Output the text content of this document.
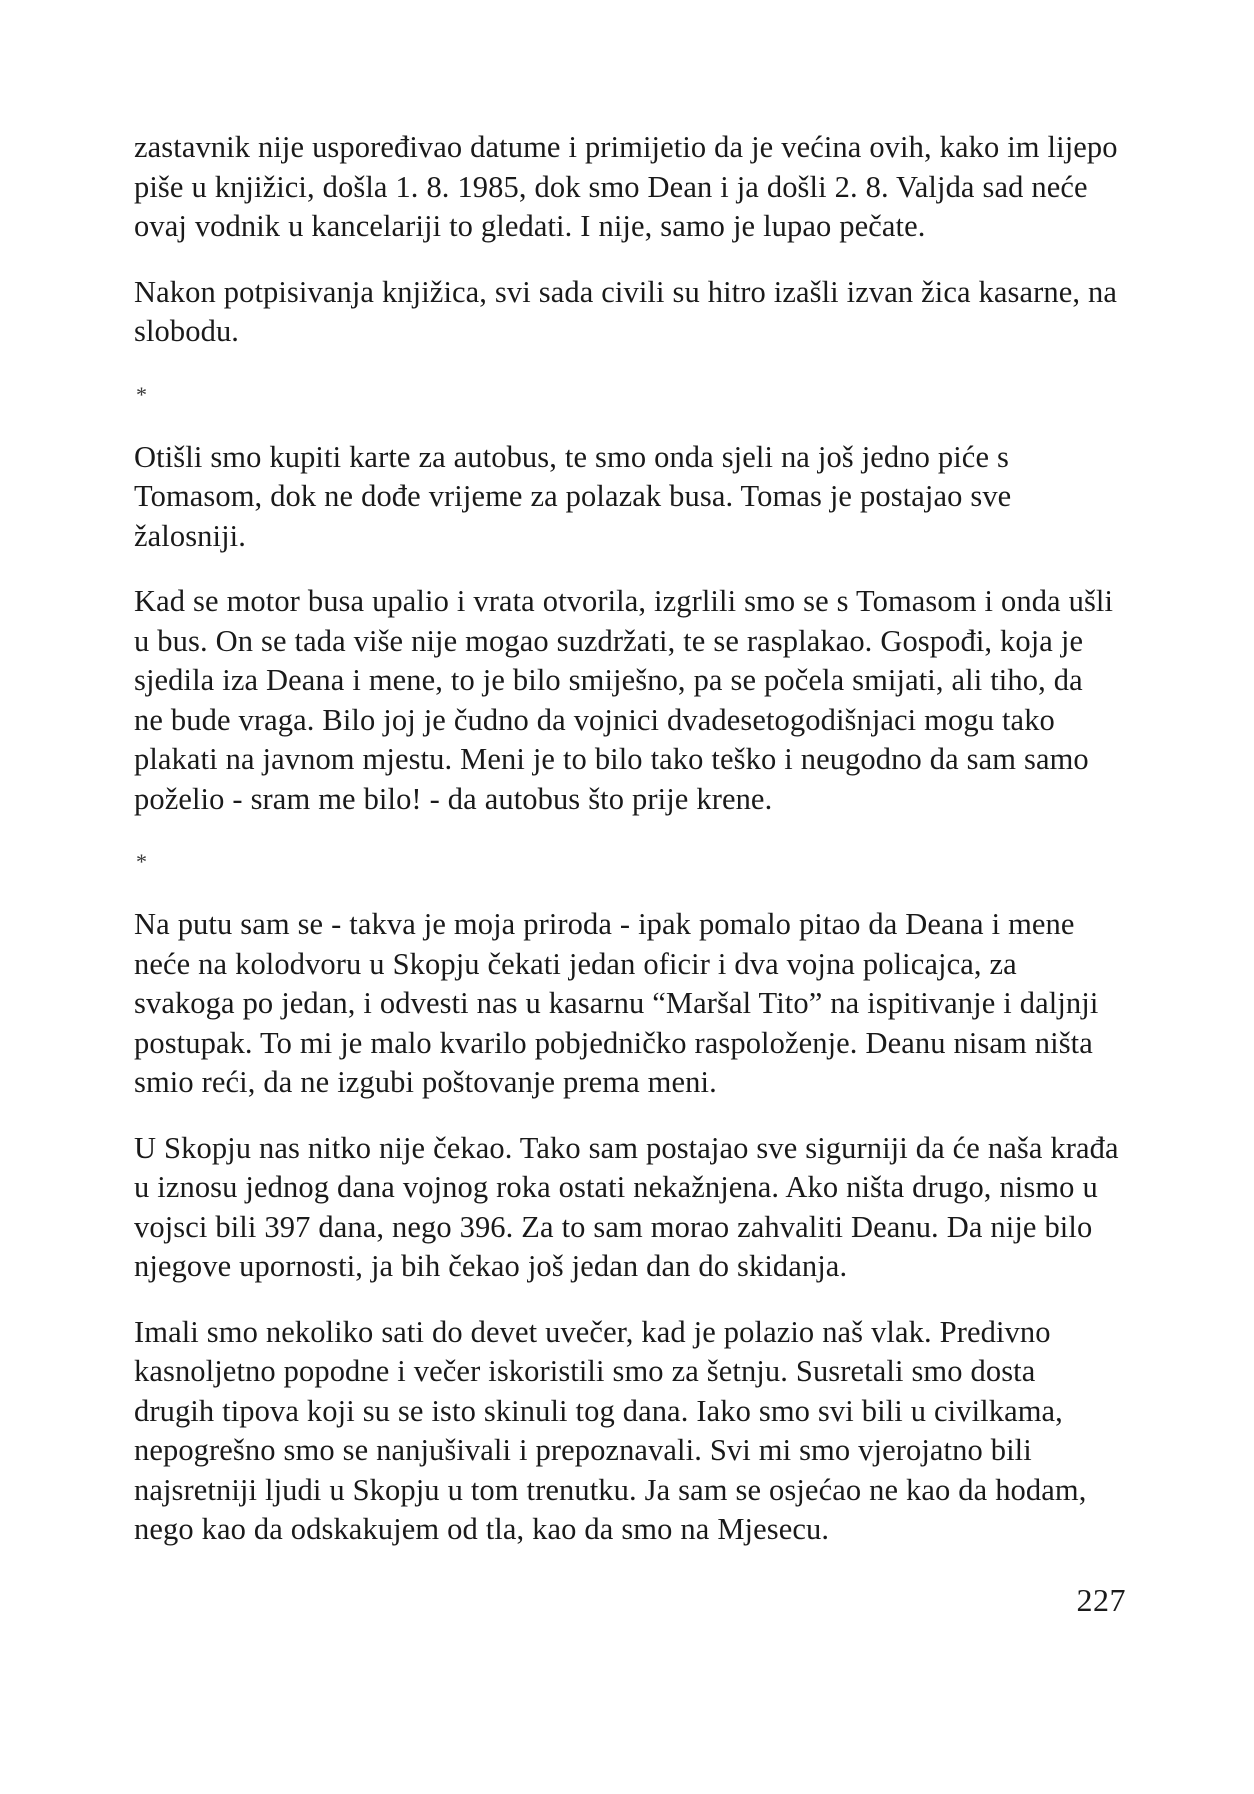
zastavnik nije uspoređivao datume i primijetio da je većina ovih, kako im lijepo piše u knjižici, došla 1. 8. 1985, dok smo Dean i ja došli 2. 8. Valjda sad neće ovaj vodnik u kancelariji to gledati. I nije, samo je lupao pečate.

Nakon potpisivanja knjižica, svi sada civili su hitro izašli izvan žica kasarne, na slobodu.

*

Otišli smo kupiti karte za autobus, te smo onda sjeli na još jedno piće s Tomasom, dok ne dođe vrijeme za polazak busa. Tomas je postajao sve žalosniji.

Kad se motor busa upalio i vrata otvorila, izgrlili smo se s Tomasom i onda ušli u bus. On se tada više nije mogao suzdržati, te se rasplakao. Gospođi, koja je sjedila iza Deana i mene, to je bilo smiješno, pa se počela smijati, ali tiho, da ne bude vraga. Bilo joj je čudno da vojnici dvadesetogodišnjaci mogu tako plakati na javnom mjestu. Meni je to bilo tako teško i neugodno da sam samo poželio - sram me bilo! - da autobus što prije krene.

*

Na putu sam se - takva je moja priroda - ipak pomalo pitao da Deana i mene neće na kolodvoru u Skopju čekati jedan oficir i dva vojna policajca, za svakoga po jedan, i odvesti nas u kasarnu “Maršal Tito” na ispitivanje i daljnji postupak. To mi je malo kvarilo pobjedničko raspoloženje. Deanu nisam ništa smio reći, da ne izgubi poštovanje prema meni.

U Skopju nas nitko nije čekao. Tako sam postajao sve sigurniji da će naša krađa u iznosu jednog dana vojnog roka ostati nekažnjena. Ako ništa drugo, nismo u vojsci bili 397 dana, nego 396. Za to sam morao zahvaliti Deanu. Da nije bilo njegove upornosti, ja bih čekao još jedan dan do skidanja.

Imali smo nekoliko sati do devet uvečer, kad je polazio naš vlak. Predivno kasnoljetno popodne i večer iskoristili smo za šetnju. Susretali smo dosta drugih tipova koji su se isto skinuli tog dana. Iako smo svi bili u civilkama, nepogrešno smo se nanjušivali i prepoznavali. Svi mi smo vjerojatno bili najsretniji ljudi u Skopju u tom trenutku. Ja sam se osjećao ne kao da hodam, nego kao da odskakujem od tla, kao da smo na Mjesecu.

227
